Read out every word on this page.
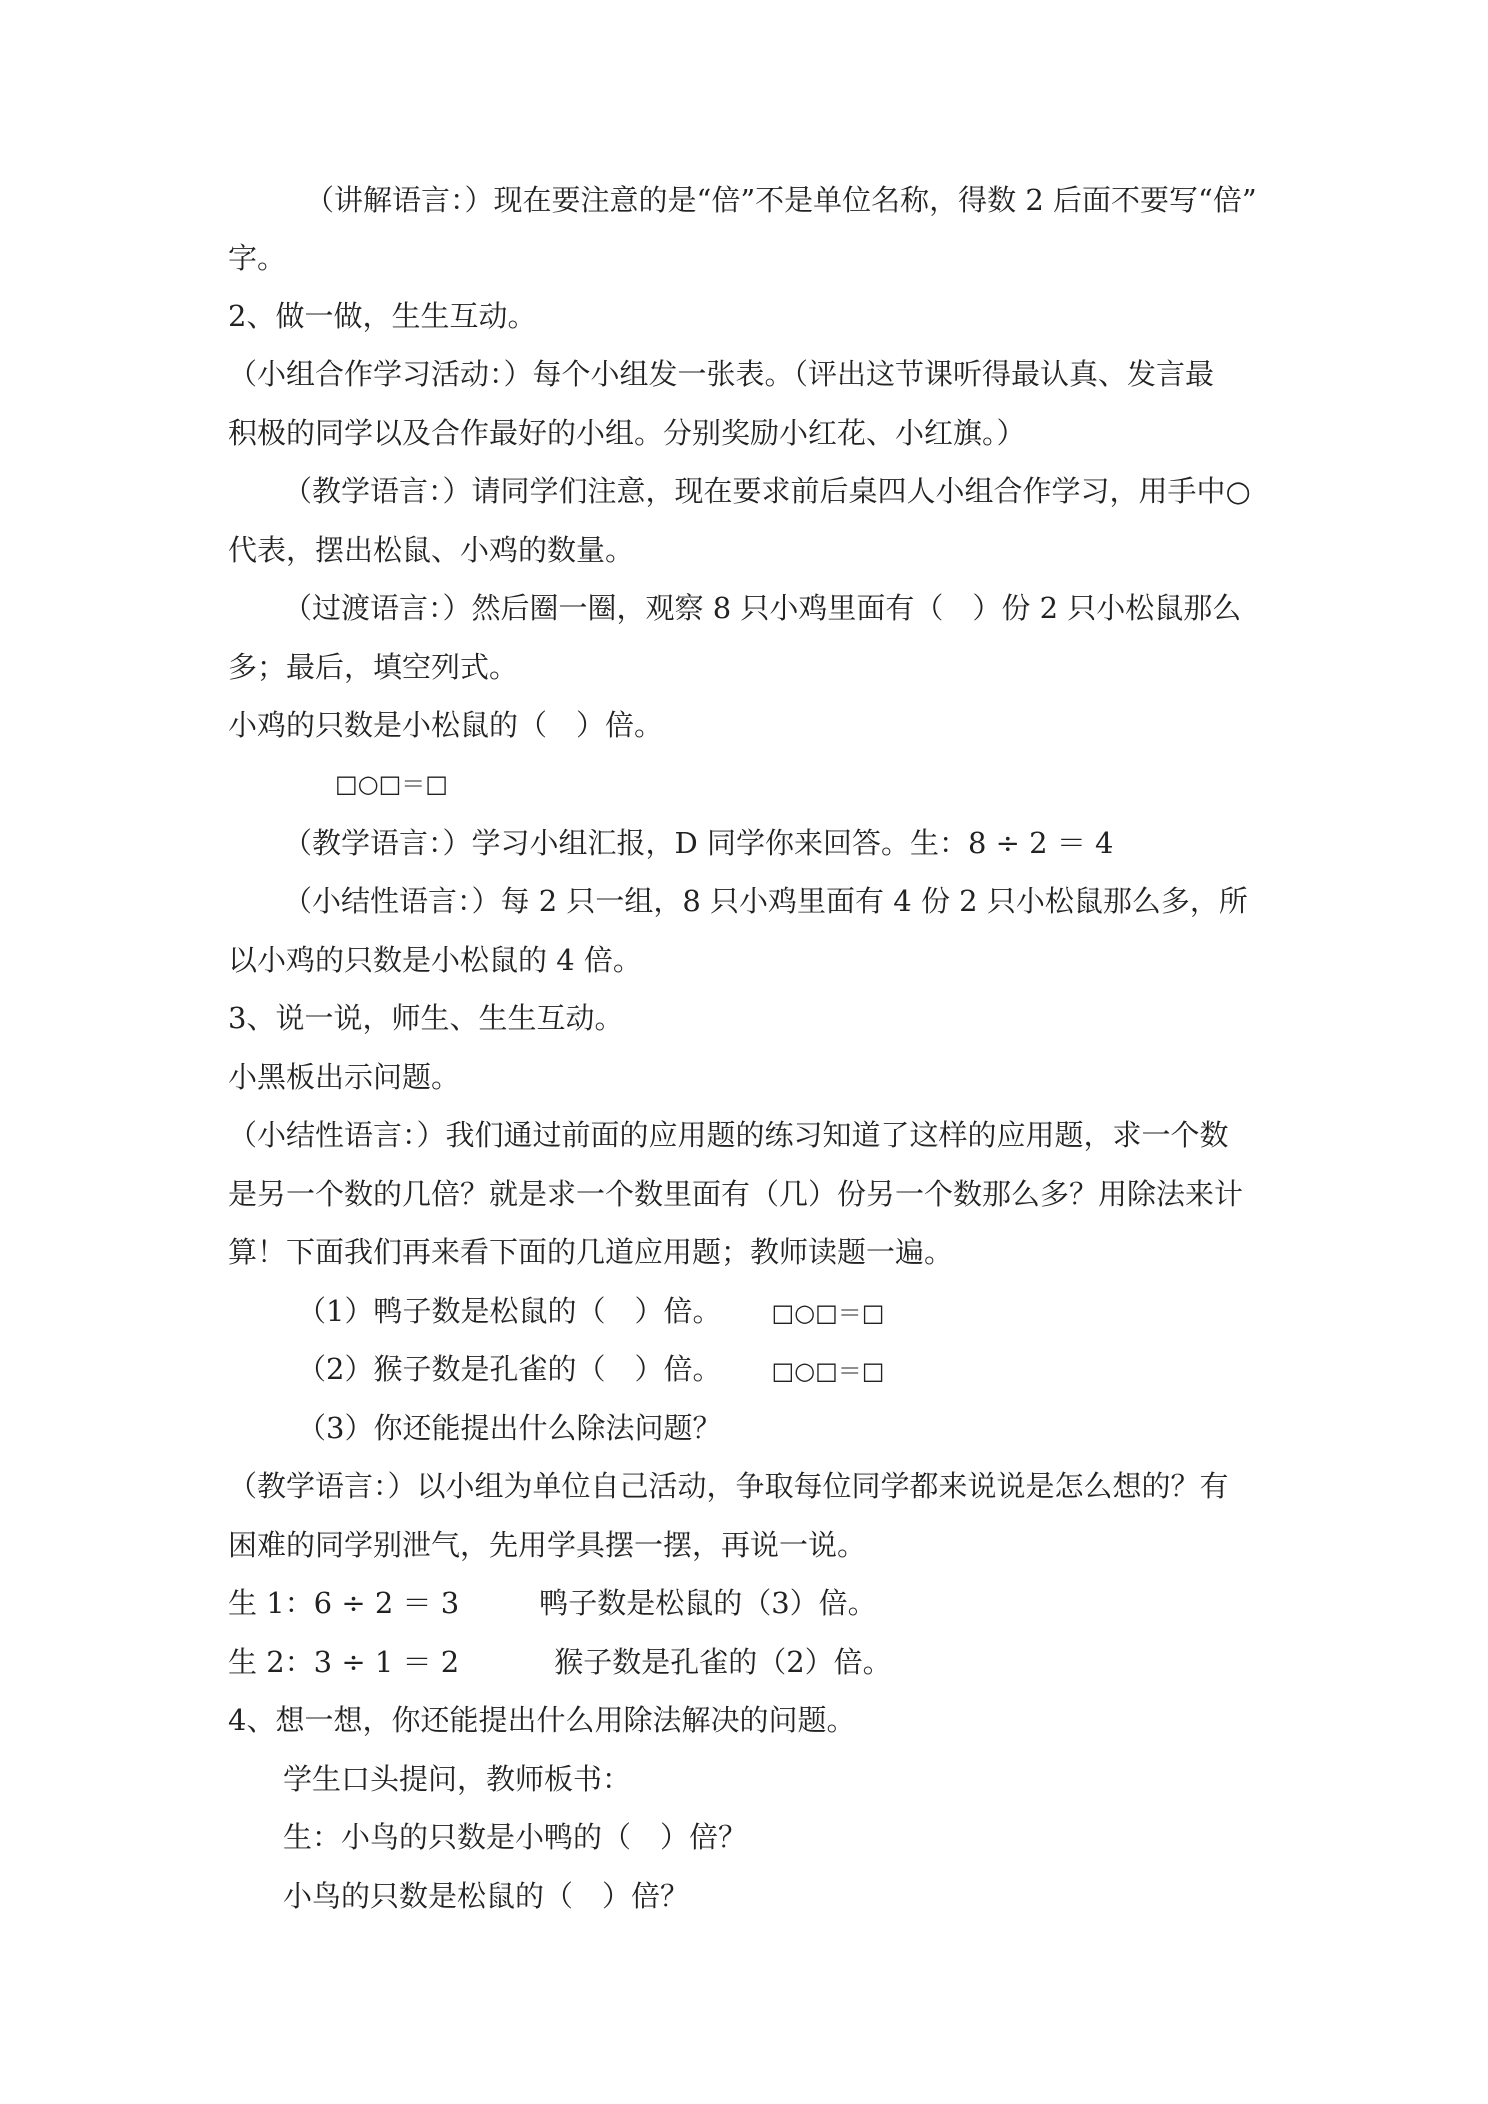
（讲解语言：）现在要注意的是“倍”不是单位名称，得数 2 后面不要写“倍”
字。
2、做一做，生生互动。
（小组合作学习活动：）每个小组发一张表。（评出这节课听得最认真、发言最
积极的同学以及合作最好的小组。分别奖励小红花、小红旗。）
（教学语言：）请同学们注意，现在要求前后桌四人小组合作学习，用手中○
代表，摆出松鼠、小鸡的数量。
（过渡语言：）然后圈一圈，观察 8 只小鸡里面有（　）份 2 只小松鼠那么
多；最后，填空列式。
小鸡的只数是小松鼠的（　）倍。
□○□＝□
（教学语言：）学习小组汇报，D 同学你来回答。生：8 ÷ 2 ＝ 4
（小结性语言：）每 2 只一组，8 只小鸡里面有 4 份 2 只小松鼠那么多，所
以小鸡的只数是小松鼠的 4 倍。
3、说一说，师生、生生互动。
小黑板出示问题。
（小结性语言：）我们通过前面的应用题的练习知道了这样的应用题，求一个数
是另一个数的几倍？就是求一个数里面有（几）份另一个数那么多？用除法来计
算！下面我们再来看下面的几道应用题；教师读题一遍。
（1）鸭子数是松鼠的（　）倍。 □○□＝□
（2）猴子数是孔雀的（　）倍。 □○□＝□
（3）你还能提出什么除法问题？
（教学语言：）以小组为单位自己活动，争取每位同学都来说说是怎么想的？有
困难的同学别泄气，先用学具摆一摆，再说一说。
生 1：6 ÷ 2 ＝ 3	鸭子数是松鼠的（3）倍。
生 2：3 ÷ 1 ＝ 2	猴子数是孔雀的（2）倍。
4、想一想，你还能提出什么用除法解决的问题。
学生口头提问，教师板书：
生：小鸟的只数是小鸭的（　）倍？
小鸟的只数是松鼠的（　）倍？
